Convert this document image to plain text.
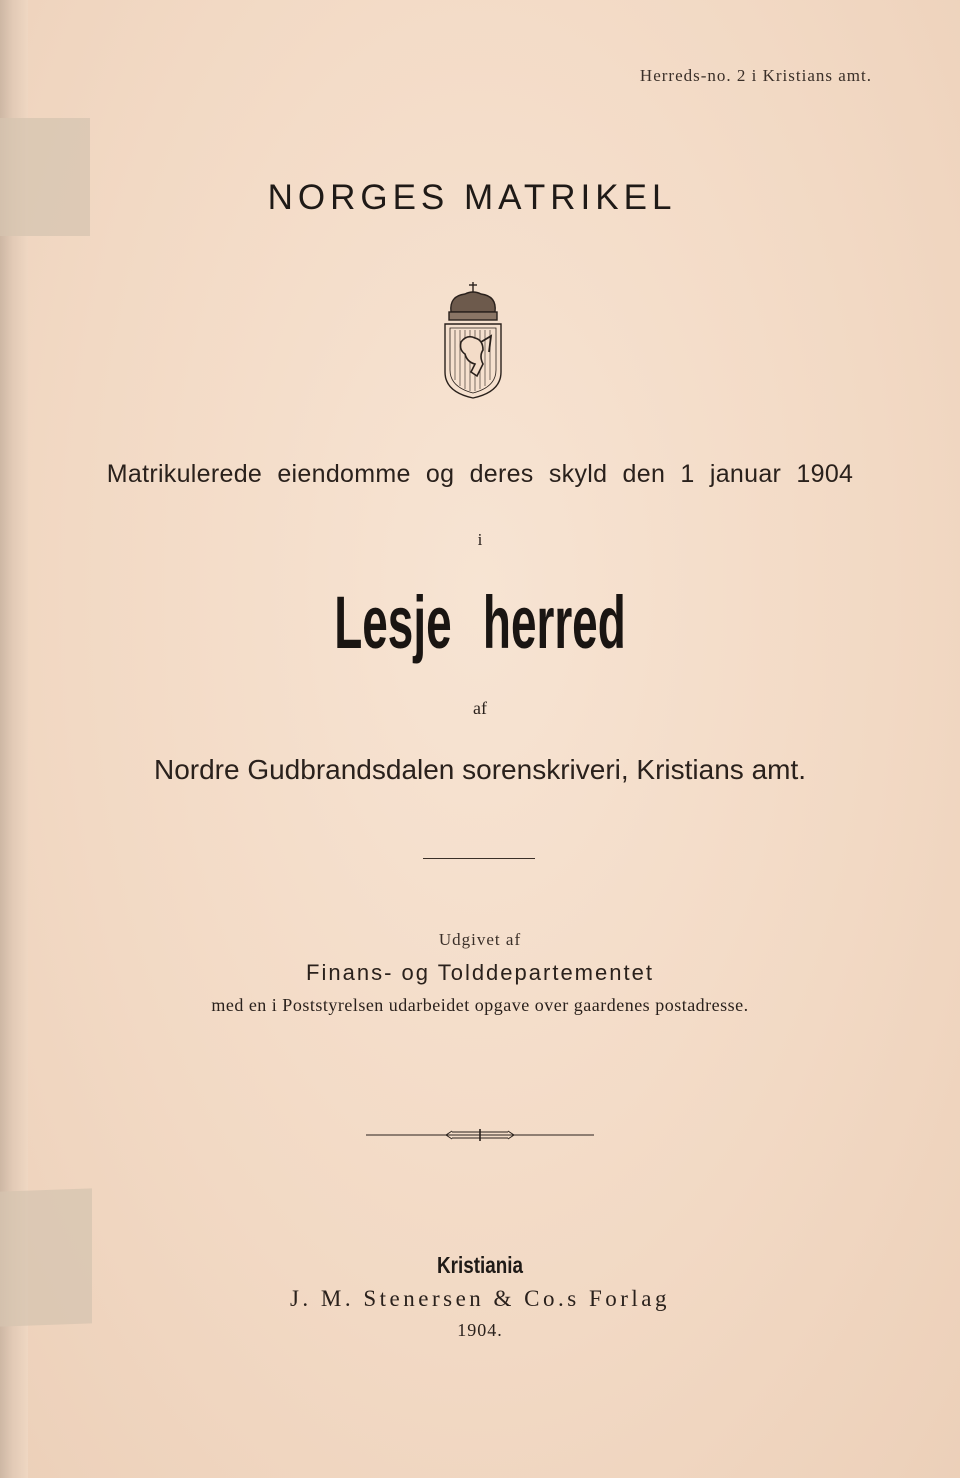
Herreds-no. 2 i Kristians amt.
NORGES MATRIKEL
Matrikulerede eiendomme og deres skyld den 1 januar 1904
i
Lesje herred
af
Nordre Gudbrandsdalen sorenskriveri, Kristians amt.
Udgivet af
Finans- og Tolddepartementet
med en i Poststyrelsen udarbeidet opgave over gaardenes postadresse.
Kristiania
J. M. Stenersen & Co.s Forlag
1904.
